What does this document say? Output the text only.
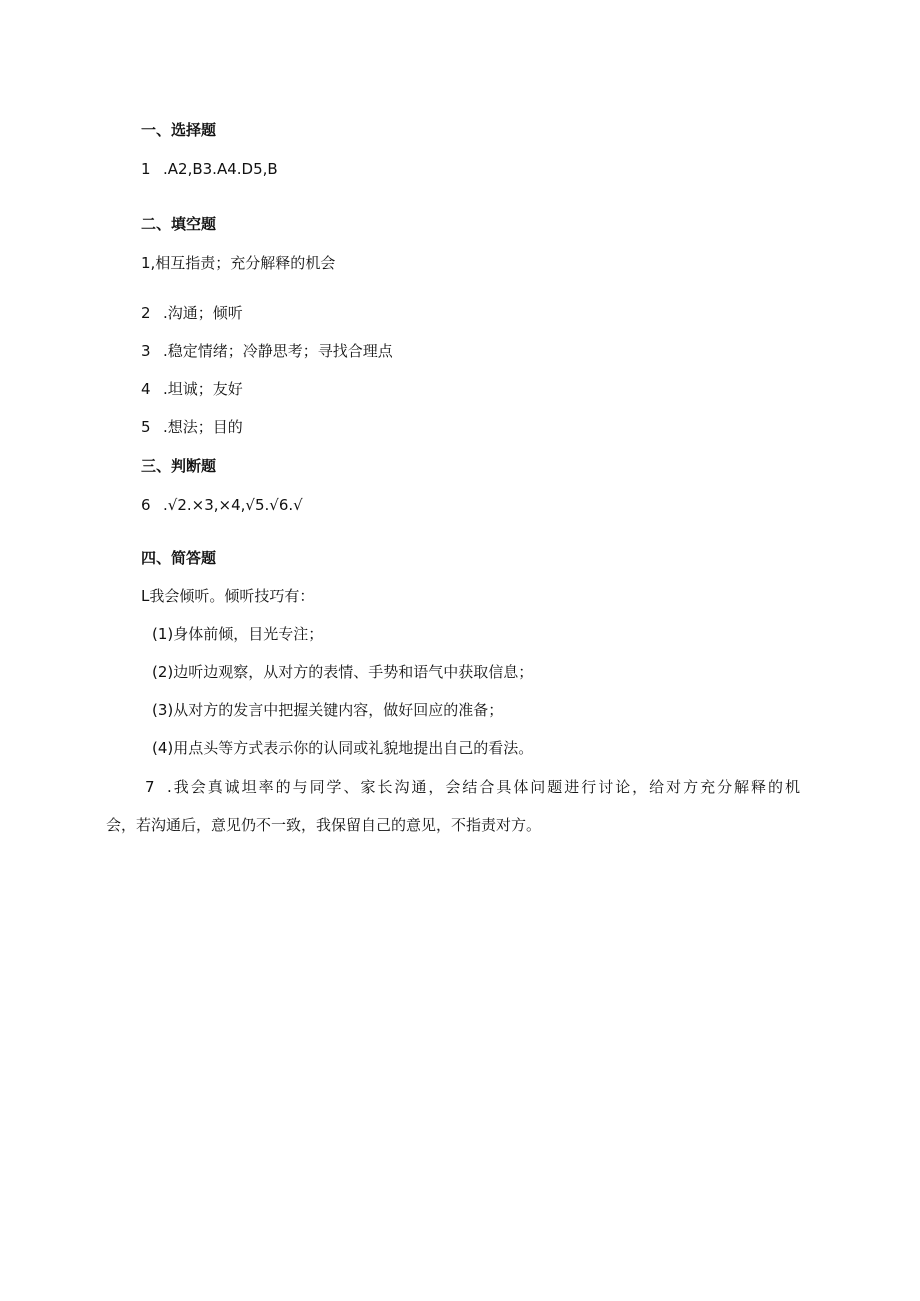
一、选择题
1 .A2,B3.A4.D5,B
二、填空题
1,相互指责；充分解释的机会
2 .沟通；倾听
3 .稳定情绪；冷静思考；寻找合理点
4 .坦诚；友好
5 .想法；目的
三、判断题
6 .√2.×3,×4,√5.√6.√
四、简答题
L我会倾听。倾听技巧有：
(1)身体前倾，目光专注；
(2)边听边观察，从对方的表情、手势和语气中获取信息；
(3)从对方的发言中把握关键内容，做好回应的准备；
(4)用点头等方式表示你的认同或礼貌地提出自己的看法。
7 .我会真诚坦率的与同学、家长沟通，会结合具体问题进行讨论，给对方充分解释的机
会，若沟通后，意见仍不一致，我保留自己的意见，不指责对方。
